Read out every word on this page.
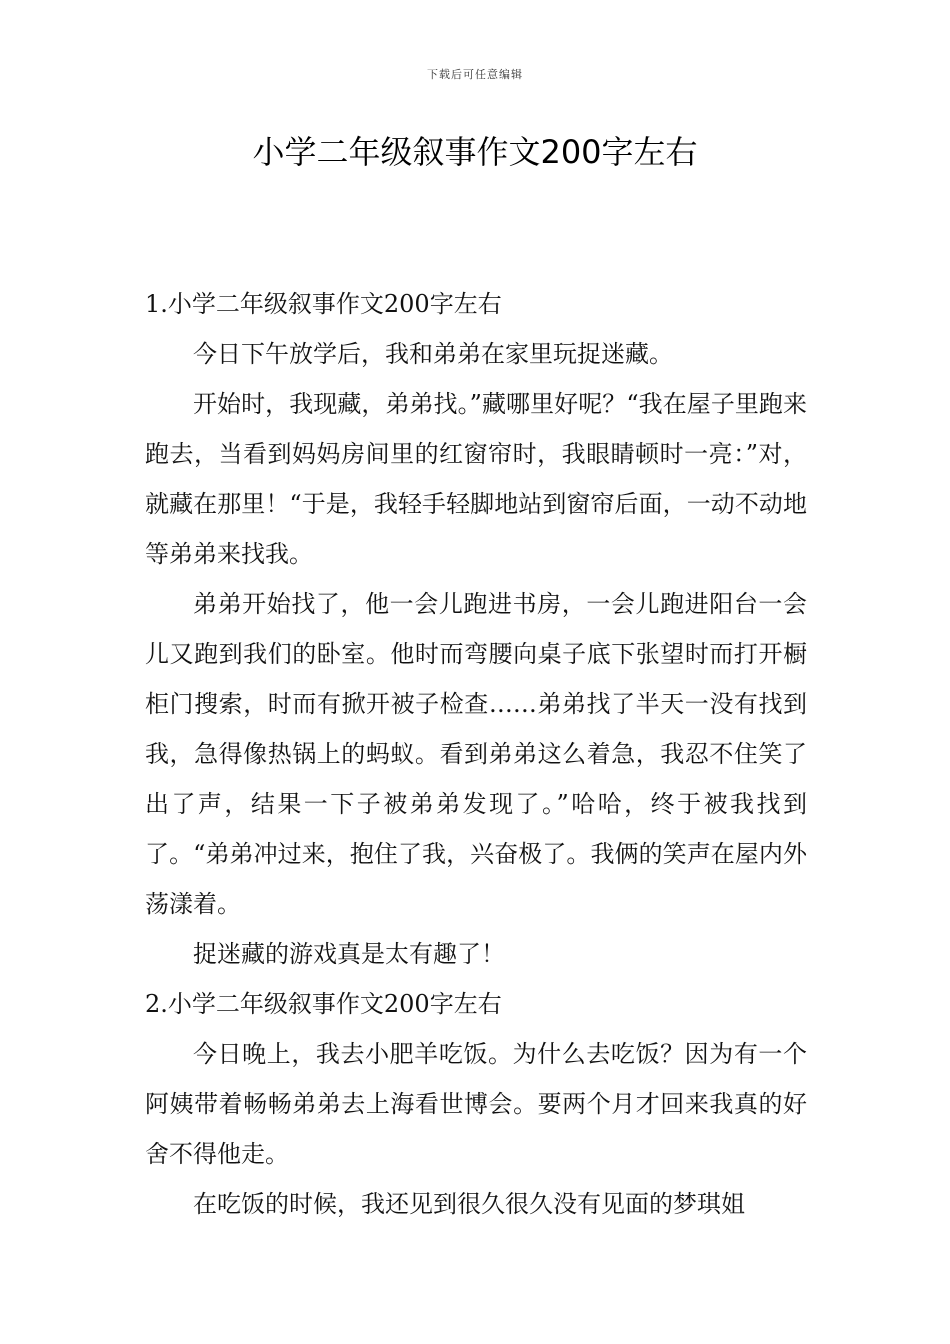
下载后可任意编辑
小学二年级叙事作文200字左右
1.小学二年级叙事作文200字左右

今日下午放学后，我和弟弟在家里玩捉迷藏。

开始时，我现藏，弟弟找。”藏哪里好呢？“我在屋子里跑来跑去，当看到妈妈房间里的红窗帘时，我眼睛顿时一亮：”对，就藏在那里！“于是，我轻手轻脚地站到窗帘后面，一动不动地等弟弟来找我。

弟弟开始找了，他一会儿跑进书房，一会儿跑进阳台一会儿又跑到我们的卧室。他时而弯腰向桌子底下张望时而打开橱柜门搜索，时而有掀开被子检查……弟弟找了半天一没有找到我，急得像热锅上的蚂蚁。看到弟弟这么着急，我忍不住笑了出了声，结果一下子被弟弟发现了。”哈哈，终于被我找到了。“弟弟冲过来，抱住了我，兴奋极了。我俩的笑声在屋内外荡漾着。

捉迷藏的游戏真是太有趣了！

2.小学二年级叙事作文200字左右

今日晚上，我去小肥羊吃饭。为什么去吃饭？因为有一个阿姨带着畅畅弟弟去上海看世博会。要两个月才回来我真的好舍不得他走。

在吃饭的时候，我还见到很久很久没有见面的梦琪姐
